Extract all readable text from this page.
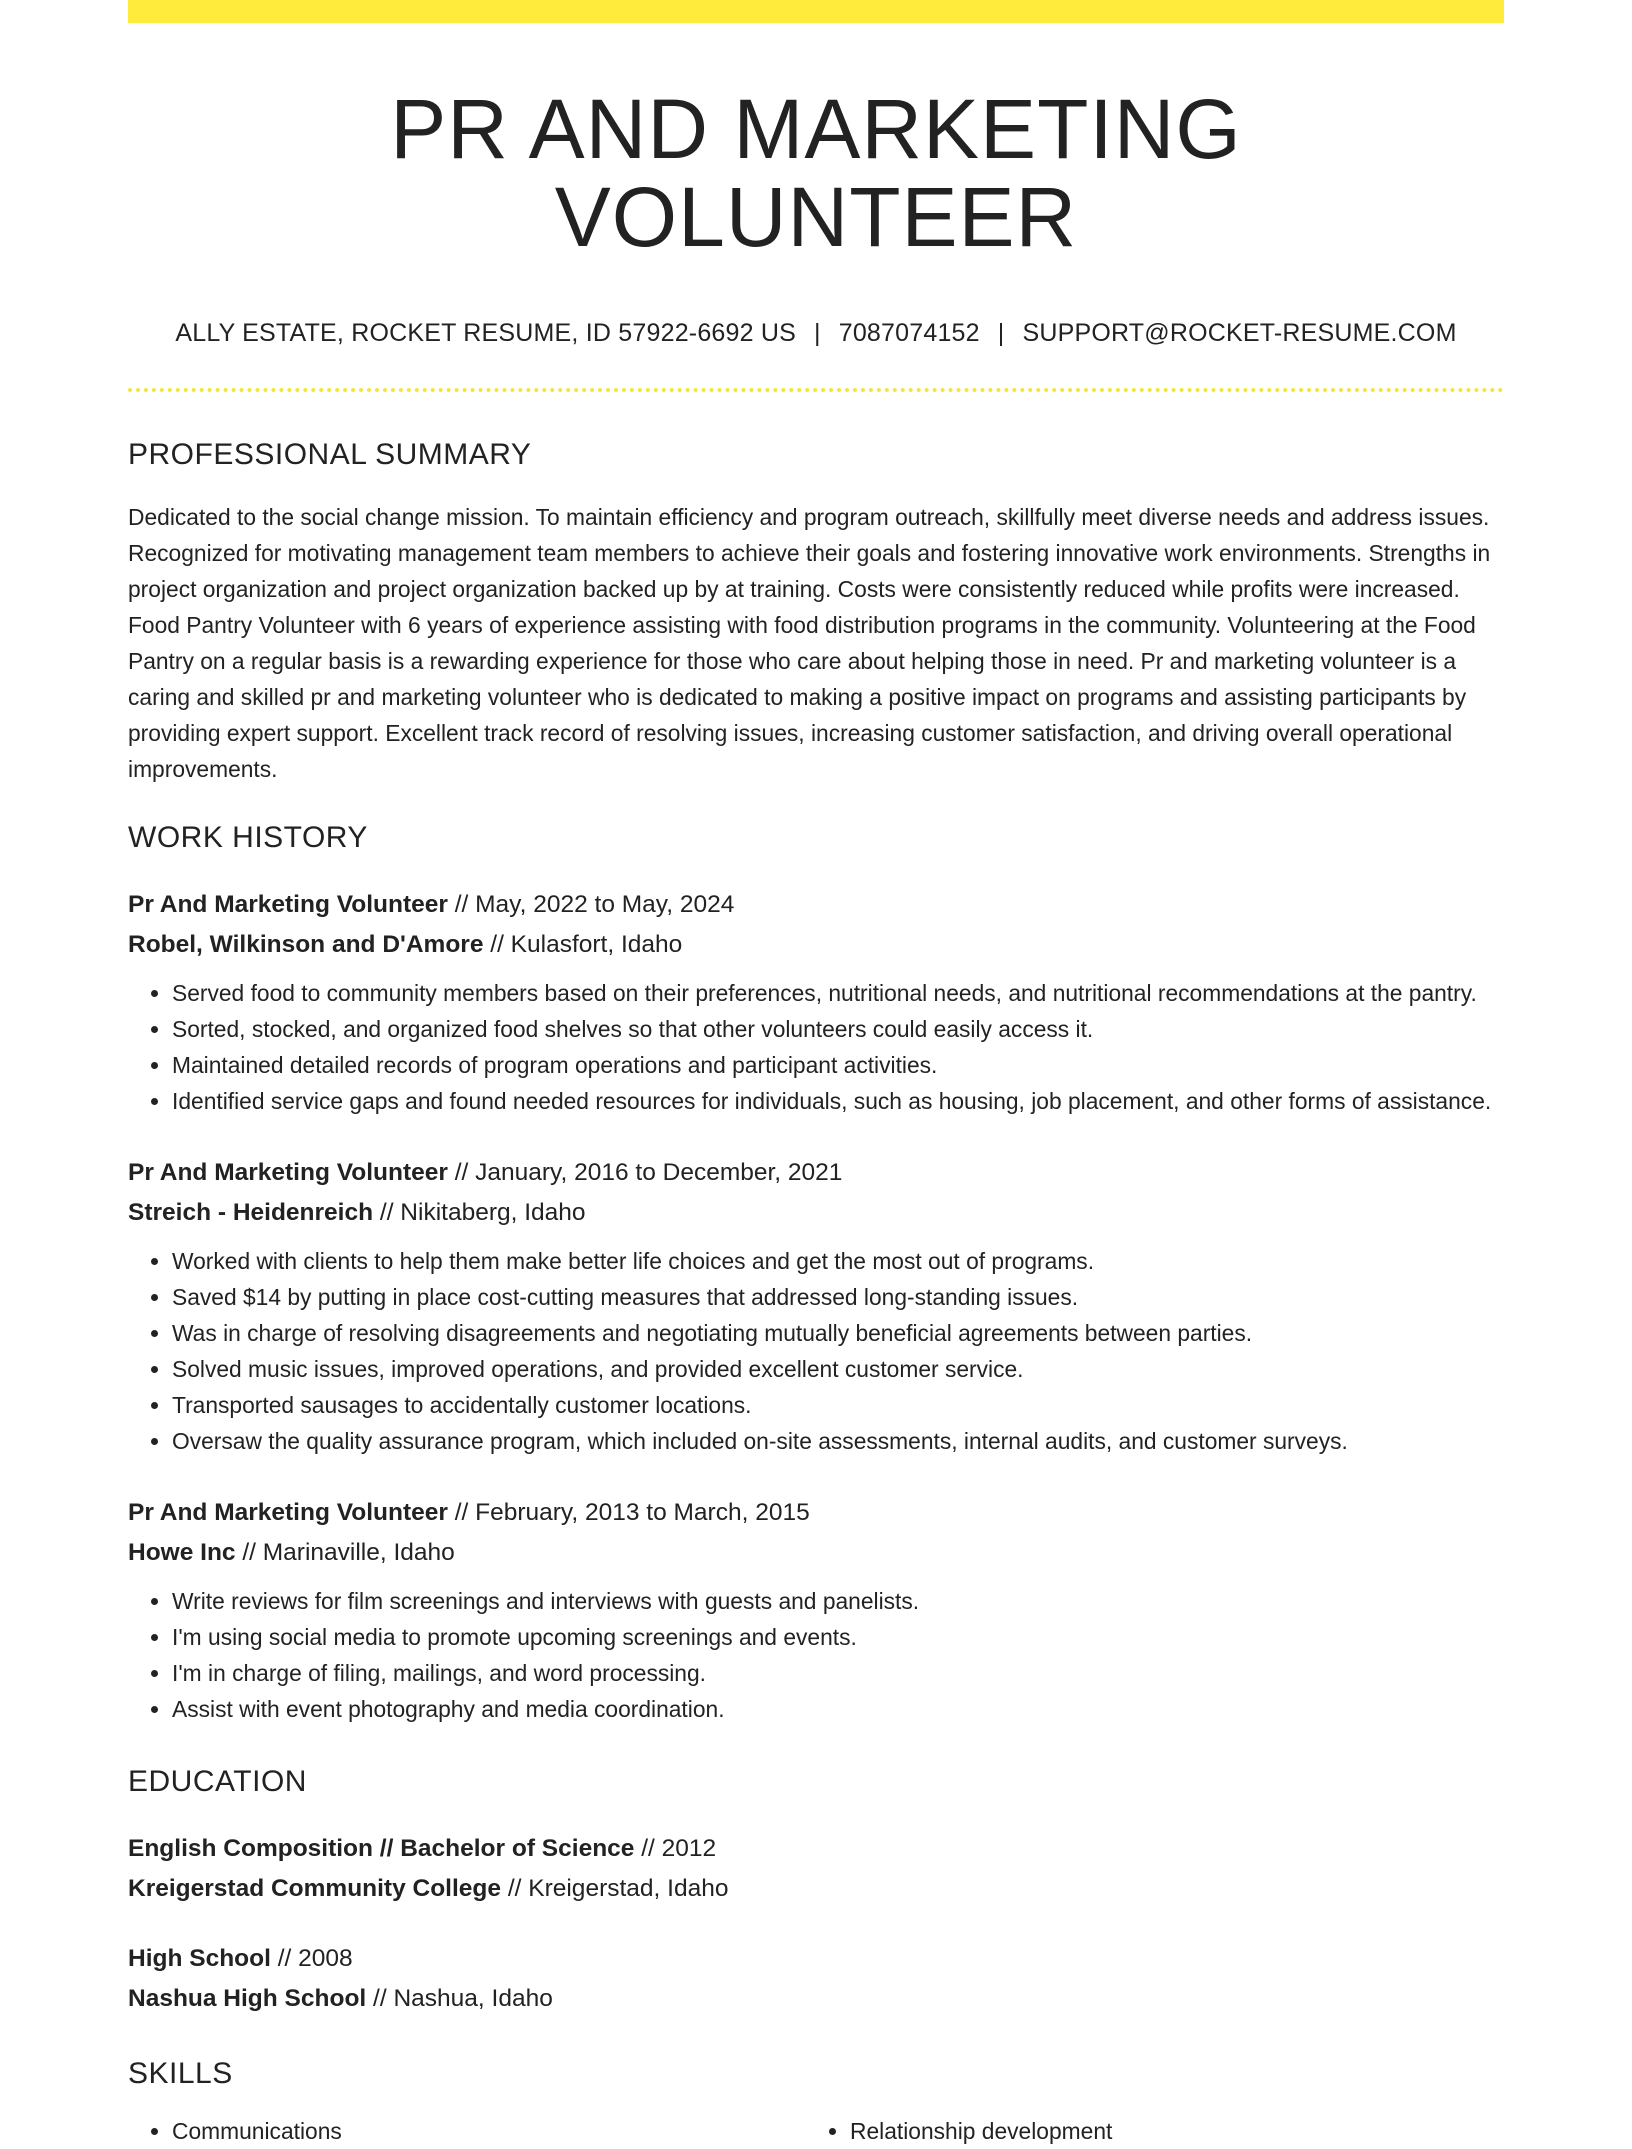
PR AND MARKETING VOLUNTEER
ALLY ESTATE, ROCKET RESUME, ID 57922-6692 US | 7087074152 | SUPPORT@ROCKET-RESUME.COM
PROFESSIONAL SUMMARY

Dedicated to the social change mission. To maintain efficiency and program outreach, skillfully meet diverse needs and address issues. Recognized for motivating management team members to achieve their goals and fostering innovative work environments. Strengths in project organization and project organization backed up by at training. Costs were consistently reduced while profits were increased. Food Pantry Volunteer with 6 years of experience assisting with food distribution programs in the community. Volunteering at the Food Pantry on a regular basis is a rewarding experience for those who care about helping those in need. Pr and marketing volunteer is a caring and skilled pr and marketing volunteer who is dedicated to making a positive impact on programs and assisting participants by providing expert support. Excellent track record of resolving issues, increasing customer satisfaction, and driving overall operational improvements.

WORK HISTORY
Pr And Marketing Volunteer // May, 2022 to May, 2024
Robel, Wilkinson and D'Amore // Kulasfort, Idaho
• Served food to community members based on their preferences, nutritional needs, and nutritional recommendations at the pantry.
• Sorted, stocked, and organized food shelves so that other volunteers could easily access it.
• Maintained detailed records of program operations and participant activities.
• Identified service gaps and found needed resources for individuals, such as housing, job placement, and other forms of assistance.
Pr And Marketing Volunteer // January, 2016 to December, 2021
Streich - Heidenreich // Nikitaberg, Idaho
• Worked with clients to help them make better life choices and get the most out of programs.
• Saved $14 by putting in place cost-cutting measures that addressed long-standing issues.
• Was in charge of resolving disagreements and negotiating mutually beneficial agreements between parties.
• Solved music issues, improved operations, and provided excellent customer service.
• Transported sausages to accidentally customer locations.
• Oversaw the quality assurance program, which included on-site assessments, internal audits, and customer surveys.
Pr And Marketing Volunteer // February, 2013 to March, 2015
Howe Inc // Marinaville, Idaho
• Write reviews for film screenings and interviews with guests and panelists.
• I'm using social media to promote upcoming screenings and events.
• I'm in charge of filing, mailings, and word processing.
• Assist with event photography and media coordination.
EDUCATION
English Composition // Bachelor of Science // 2012
Kreigerstad Community College // Kreigerstad, Idaho
High School // 2008
Nashua High School // Nashua, Idaho
SKILLS
• Communications
•	Relationship development
